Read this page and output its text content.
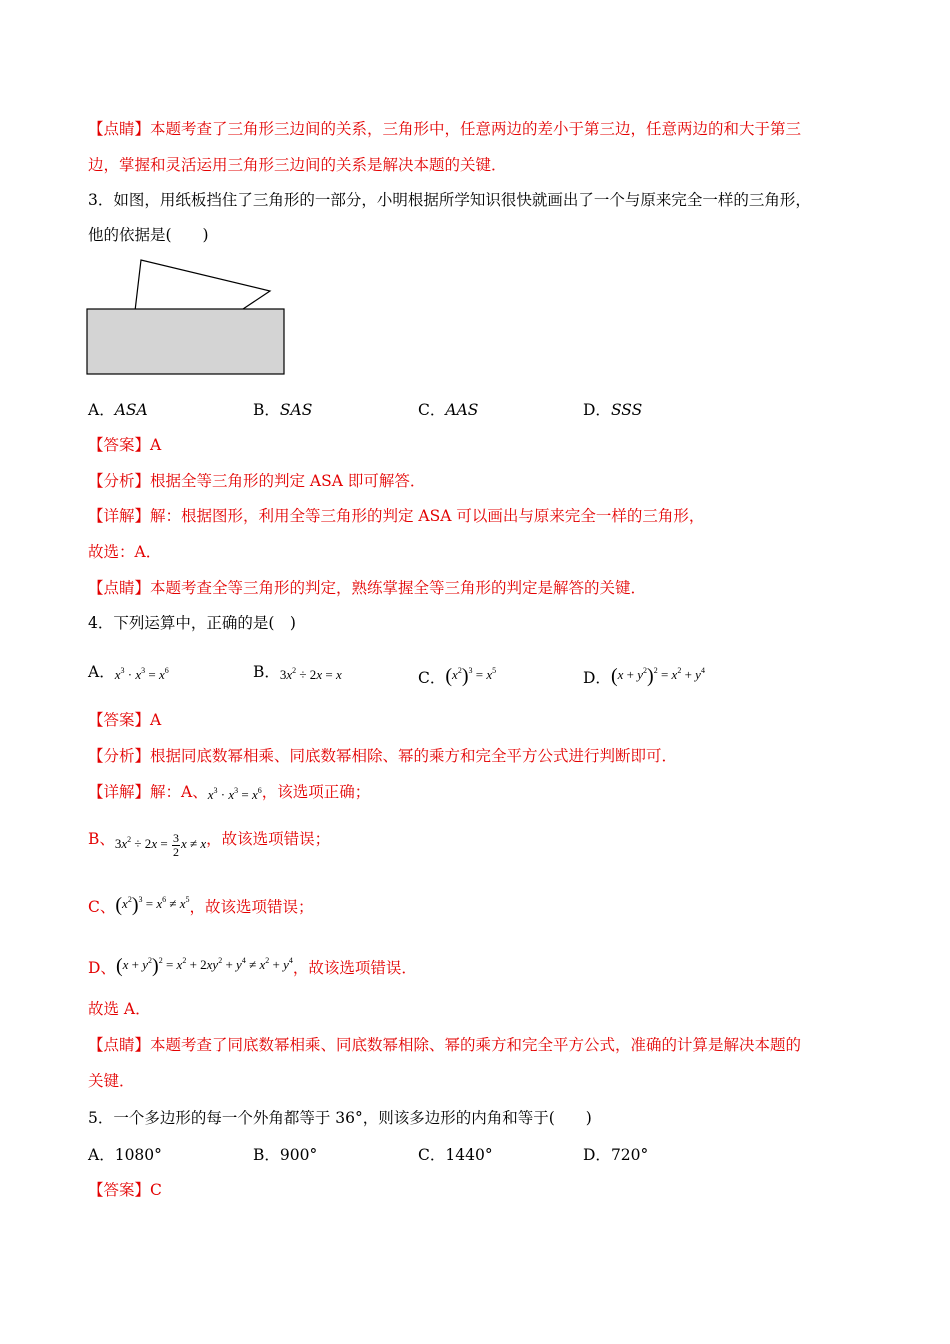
【点睛】本题考查了三角形三边间的关系，三角形中，任意两边的差小于第三边，任意两边的和大于第三
边，掌握和灵活运用三角形三边间的关系是解决本题的关键．
3．如图，用纸板挡住了三角形的一部分，小明根据所学知识很快就画出了一个与原来完全一样的三角形，
他的依据是(　　)
A．ASA	B．SAS	C．AAS	D．SSS
【答案】A
【分析】根据全等三角形的判定 ASA 即可解答．
【详解】解：根据图形，利用全等三角形的判定 ASA 可以画出与原来完全一样的三角形，
故选：A．
【点睛】本题考查全等三角形的判定，熟练掌握全等三角形的判定是解答的关键．
4．下列运算中，正确的是(　)
A．$x^3 \cdot x^3 = x^6$	B．$3x^2 \div 2x = x$	C．$(x^2)^3 = x^5$	D．$(x + y^2)^2 = x^2 + y^4$
【答案】A
【分析】根据同底数幂相乘、同底数幂相除、幂的乘方和完全平方公式进行判断即可．
【详解】解：A、$x^3 \cdot x^3 = x^6$，该选项正确；
B、$3x^2 \div 2x = \frac{3}{2}$ x ≠ x，故该选项错误；
C、$(x^2)^3 = x^6 \ne x^5$，故该选项错误；
D、$(x + y^2)^2 = x^2 + 2xy^2 + y^4 \ne x^2 + y^4$，故该选项错误．
故选 A．
【点睛】本题考查了同底数幂相乘、同底数幂相除、幂的乘方和完全平方公式，准确的计算是解决本题的
关键．
5．一个多边形的每一个外角都等于 36°，则该多边形的内角和等于(　　)
A．1080°	B．900°	C．1440°	D．720°
【答案】C
